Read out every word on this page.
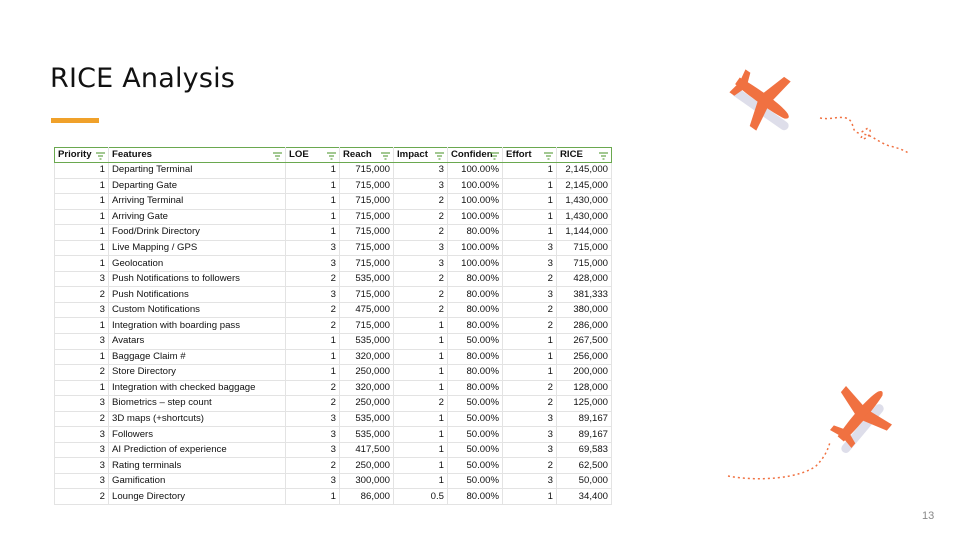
RICE Analysis
Priority	Features	LOE	Reach	Impact	Confiden	Effort	RICE

1	Departing Terminal	1	715,000	3	100.00%	1	2,145,000
1	Departing Gate	1	715,000	3	100.00%	1	2,145,000
1	Arriving Terminal	1	715,000	2	100.00%	1	1,430,000
1	Arriving Gate	1	715,000	2	100.00%	1	1,430,000
1	Food/Drink Directory	1	715,000	2	80.00%	1	1,144,000
1	Live Mapping / GPS	3	715,000	3	100.00%	3	715,000
1	Geolocation	3	715,000	3	100.00%	3	715,000
3	Push Notifications to followers	2	535,000	2	80.00%	2	428,000
2	Push Notifications	3	715,000	2	80.00%	3	381,333
3	Custom Notifications	2	475,000	2	80.00%	2	380,000
1	Integration with boarding pass	2	715,000	1	80.00%	2	286,000
3	Avatars	1	535,000	1	50.00%	1	267,500
1	Baggage Claim #	1	320,000	1	80.00%	1	256,000
2	Store Directory	1	250,000	1	80.00%	1	200,000
1	Integration with checked baggage	2	320,000	1	80.00%	2	128,000
3	Biometrics – step count	2	250,000	2	50.00%	2	125,000
2	3D maps (+shortcuts)	3	535,000	1	50.00%	3	89,167
3	Followers	3	535,000	1	50.00%	3	89,167
3	AI Prediction of experience	3	417,500	1	50.00%	3	69,583
3	Rating terminals	2	250,000	1	50.00%	2	62,500
3	Gamification	3	300,000	1	50.00%	3	50,000
2	Lounge Directory	1	86,000	0.5	80.00%	1	34,400
13
